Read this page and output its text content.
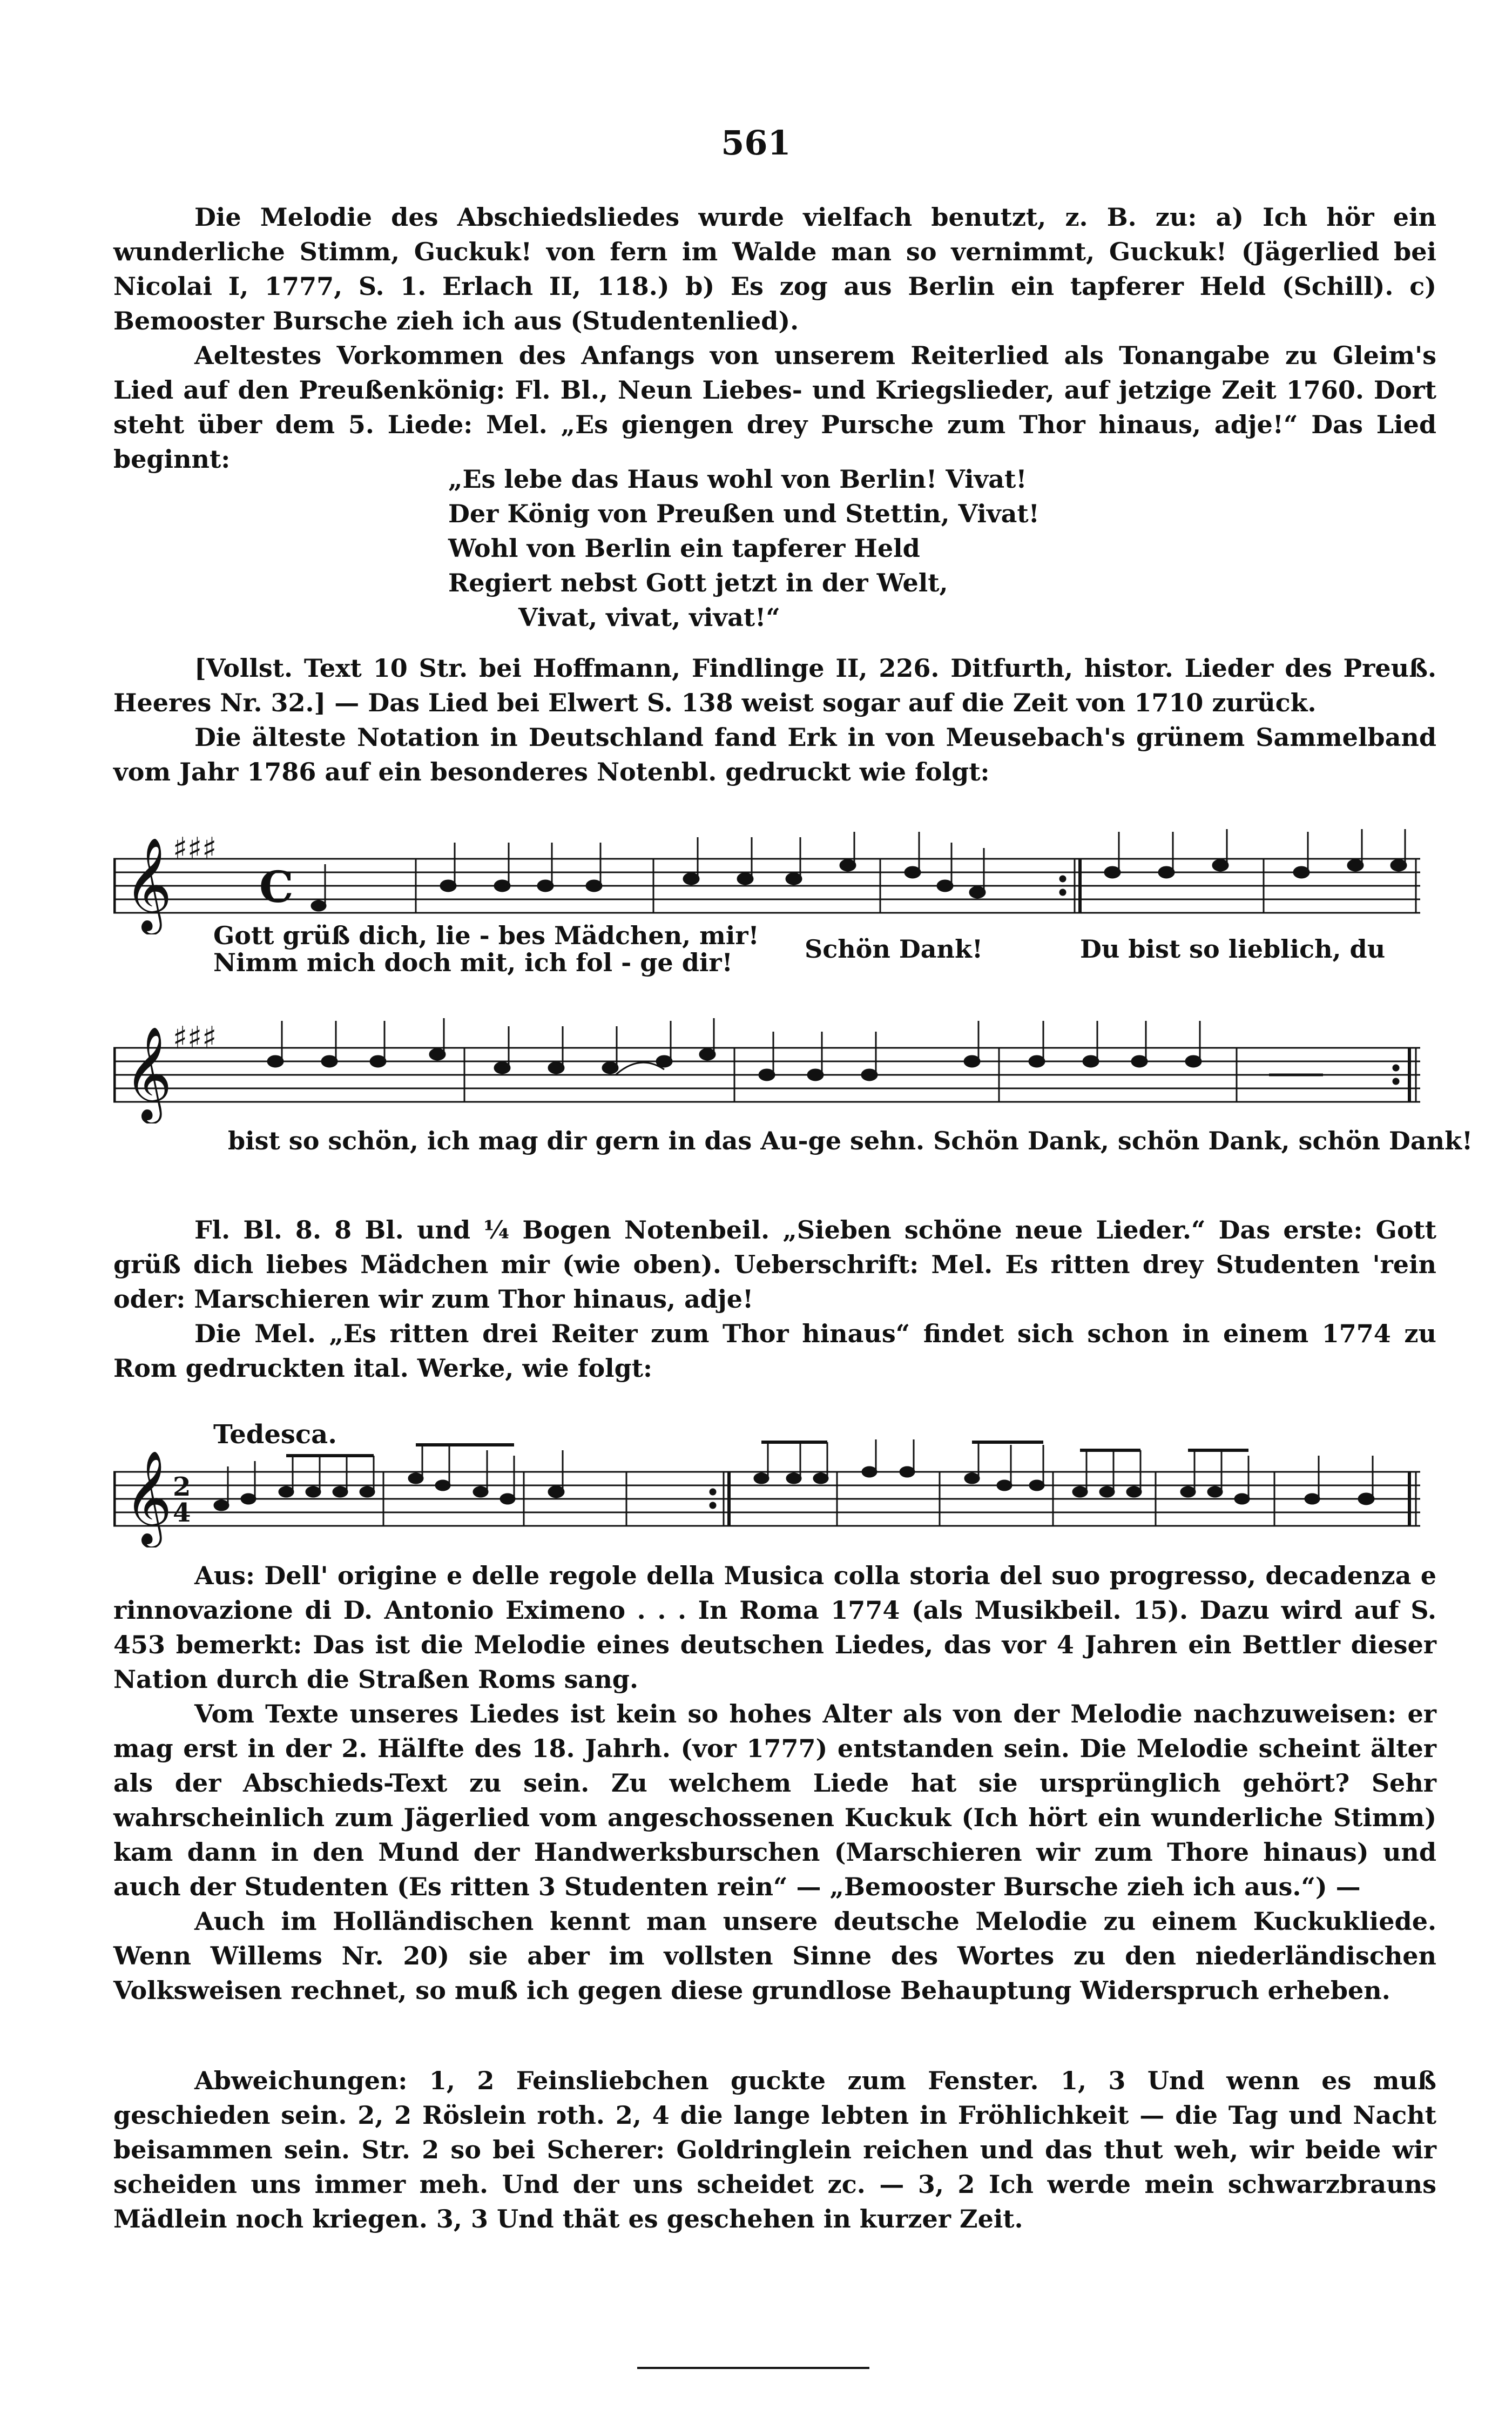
561

Die Melodie des Abschiedsliedes wurde vielfach benutzt, z. B. zu: a) Ich hör ein wunderliche Stimm, Guckuk! von fern im Walde man so vernimmt, Guckuk! (Jägerlied bei Nicolai I, 1777, S. 1. Erlach II, 118.) b) Es zog aus Berlin ein tapferer Held (Schill). c) Bemooster Bursche zieh ich aus (Studentenlied).

Aeltestes Vorkommen des Anfangs von unserem Reiterlied als Tonangabe zu Gleim's Lied auf den Preußenkönig: Fl. Bl., Neun Liebes- und Kriegslieder, auf jetzige Zeit 1760. Dort steht über dem 5. Liede: Mel. „Es giengen drey Pursche zum Thor hinaus, adje!“ Das Lied beginnt:

„Es lebe das Haus wohl von Berlin! Vivat!
Der König von Preußen und Stettin, Vivat!
Wohl von Berlin ein tapferer Held
Regiert nebst Gott jetzt in der Welt,
Vivat, vivat, vivat!“

[Vollst. Text 10 Str. bei Hoffmann, Findlinge II, 226. Ditfurth, histor. Lieder des Preuß. Heeres Nr. 32.] — Das Lied bei Elwert S. 138 weist sogar auf die Zeit von 1710 zurück.

Die älteste Notation in Deutschland fand Erk in von Meusebach's grünem Sammelband vom Jahr 1786 auf ein besonderes Notenbl. gedruckt wie folgt:

𝄞 ♯♯♯
C
Gott grüß dich, lie - bes Mädchen, mir!
Nimm mich doch mit, ich fol - ge dir!	Schön Dank!	Du bist so lieblich, du
𝄞 ♯♯♯
bist so schön, ich mag dir gern in das Au-ge sehn. Schön Dank, schön Dank, schön Dank!

Fl. Bl. 8. 8 Bl. und ¼ Bogen Notenbeil. „Sieben schöne neue Lieder.“ Das erste: Gott grüß dich liebes Mädchen mir (wie oben). Ueberschrift: Mel. Es ritten drey Studenten 'rein oder: Marschieren wir zum Thor hinaus, adje!

Die Mel. „Es ritten drei Reiter zum Thor hinaus“ findet sich schon in einem 1774 zu Rom gedruckten ital. Werke, wie folgt:

Tedesca.
𝄞 2
4

Aus: Dell' origine e delle regole della Musica colla storia del suo progresso, decadenza e rinnovazione di D. Antonio Eximeno . . . In Roma 1774 (als Musikbeil. 15). Dazu wird auf S. 453 bemerkt: Das ist die Melodie eines deutschen Liedes, das vor 4 Jahren ein Bettler dieser Nation durch die Straßen Roms sang.

Vom Texte unseres Liedes ist kein so hohes Alter als von der Melodie nachzuweisen: er mag erst in der 2. Hälfte des 18. Jahrh. (vor 1777) entstanden sein. Die Melodie scheint älter als der Abschieds-Text zu sein. Zu welchem Liede hat sie ursprünglich gehört? Sehr wahrscheinlich zum Jägerlied vom angeschossenen Kuckuk (Ich hört ein wunderliche Stimm) kam dann in den Mund der Handwerksburschen (Marschieren wir zum Thore hinaus) und auch der Studenten (Es ritten 3 Studenten rein“ — „Bemooster Bursche zieh ich aus.“) —

Auch im Holländischen kennt man unsere deutsche Melodie zu einem Kuckukliede. Wenn Willems Nr. 20) sie aber im vollsten Sinne des Wortes zu den niederländischen Volksweisen rechnet, so muß ich gegen diese grundlose Behauptung Widerspruch erheben.

Abweichungen: 1, 2 Feinsliebchen guckte zum Fenster. 1, 3 Und wenn es muß geschieden sein. 2, 2 Röslein roth. 2, 4 die lange lebten in Fröhlichkeit — die Tag und Nacht beisammen sein. Str. 2 so bei Scherer: Goldringlein reichen und das thut weh, wir beide wir scheiden uns immer meh. Und der uns scheidet zc. — 3, 2 Ich werde mein schwarzbrauns Mädlein noch kriegen. 3, 3 Und thät es geschehen in kurzer Zeit.
